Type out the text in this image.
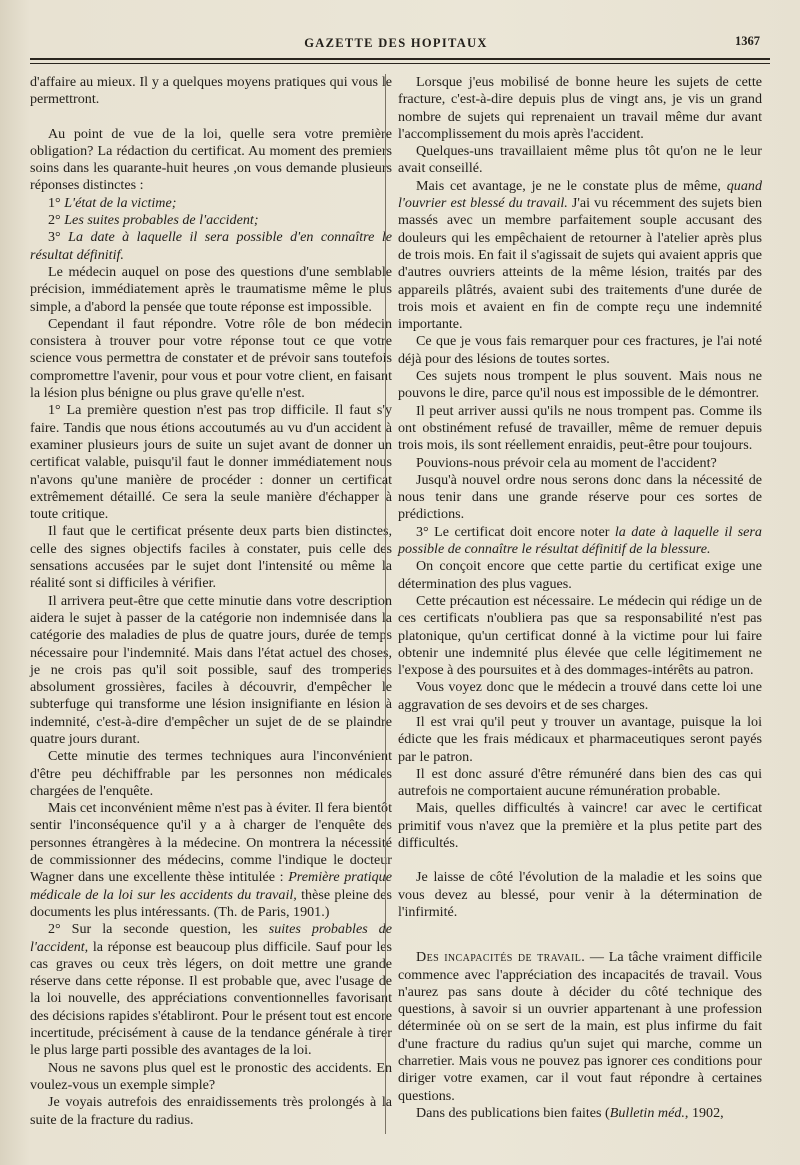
GAZETTE DES HOPITAUX	1367

d'affaire au mieux. Il y a quelques moyens pratiques qui vous le permettront.

Au point de vue de la loi, quelle sera votre première obligation? La rédaction du certificat. Au moment des premiers soins dans les quarante-huit heures ,on vous demande plusieurs réponses distinctes :

1° L'état de la victime;

2° Les suites probables de l'accident;

3° La date à laquelle il sera possible d'en connaître le résultat définitif.

Le médecin auquel on pose des questions d'une semblable précision, immédiatement après le traumatisme même le plus simple, a d'abord la pensée que toute réponse est impossible.

Cependant il faut répondre. Votre rôle de bon médecin consistera à trouver pour votre réponse tout ce que votre science vous permettra de constater et de prévoir sans toutefois compromettre l'avenir, pour vous et pour votre client, en faisant la lésion plus bénigne ou plus grave qu'elle n'est.

1° La première question n'est pas trop difficile. Il faut s'y faire. Tandis que nous étions accoutumés au vu d'un accident à examiner plusieurs jours de suite un sujet avant de donner un certificat valable, puisqu'il faut le donner immédiatement nous n'avons qu'une manière de procéder : donner un certificat extrêmement détaillé. Ce sera la seule manière d'échapper à toute critique.

Il faut que le certificat présente deux parts bien distinctes, celle des signes objectifs faciles à constater, puis celle des sensations accusées par le sujet dont l'intensité ou même la réalité sont si difficiles à vérifier.

Il arrivera peut-être que cette minutie dans votre description aidera le sujet à passer de la catégorie non indemnisée dans la catégorie des maladies de plus de quatre jours, durée de temps nécessaire pour l'indemnité. Mais dans l'état actuel des choses, je ne crois pas qu'il soit possible, sauf des tromperies absolument grossières, faciles à découvrir, d'empêcher le subterfuge qui transforme une lésion insignifiante en lésion à indemnité, c'est-à-dire d'empêcher un sujet de de se plaindre quatre jours durant.

Cette minutie des termes techniques aura l'inconvénient d'être peu déchiffrable par les personnes non médicales chargées de l'enquête.

Mais cet inconvénient même n'est pas à éviter. Il fera bientôt sentir l'inconséquence qu'il y a à charger de l'enquête des personnes étrangères à la médecine. On montrera la nécessité de commissionner des médecins, comme l'indique le docteur Wagner dans une excellente thèse intitulée : Première pratique médicale de la loi sur les accidents du travail, thèse pleine des documents les plus intéressants. (Th. de Paris, 1901.)

2° Sur la seconde question, les suites probables de l'accident, la réponse est beaucoup plus difficile. Sauf pour les cas graves ou ceux très légers, on doit mettre une grande réserve dans cette réponse. Il est probable que, avec l'usage de la loi nouvelle, des appréciations conventionnelles favorisant des décisions rapides s'établiront. Pour le présent tout est encore incertitude, précisément à cause de la tendance générale à tirer le plus large parti possible des avantages de la loi.

Nous ne savons plus quel est le pronostic des accidents. En voulez-vous un exemple simple?

Je voyais autrefois des enraidissements très prolongés à la suite de la fracture du radius.

Lorsque j'eus mobilisé de bonne heure les sujets de cette fracture, c'est-à-dire depuis plus de vingt ans, je vis un grand nombre de sujets qui reprenaient un travail même dur avant l'accomplissement du mois après l'accident.

Quelques-uns travaillaient même plus tôt qu'on ne le leur avait conseillé.

Mais cet avantage, je ne le constate plus de même, quand l'ouvrier est blessé du travail. J'ai vu récemment des sujets bien massés avec un membre parfaitement souple accusant des douleurs qui les empêchaient de retourner à l'atelier après plus de trois mois. En fait il s'agissait de sujets qui avaient appris que d'autres ouvriers atteints de la même lésion, traités par des appareils plâtrés, avaient subi des traitements d'une durée de trois mois et avaient en fin de compte reçu une indemnité importante.

Ce que je vous fais remarquer pour ces fractures, je l'ai noté déjà pour des lésions de toutes sortes.

Ces sujets nous trompent le plus souvent. Mais nous ne pouvons le dire, parce qu'il nous est impossible de le démontrer.

Il peut arriver aussi qu'ils ne nous trompent pas. Comme ils ont obstinément refusé de travailler, même de remuer depuis trois mois, ils sont réellement enraidis, peut-être pour toujours.

Pouvions-nous prévoir cela au moment de l'accident?

Jusqu'à nouvel ordre nous serons donc dans la nécessité de nous tenir dans une grande réserve pour ces sortes de prédictions.

3° Le certificat doit encore noter la date à laquelle il sera possible de connaître le résultat définitif de la blessure.

On conçoit encore que cette partie du certificat exige une détermination des plus vagues.

Cette précaution est nécessaire. Le médecin qui rédige un de ces certificats n'oubliera pas que sa responsabilité n'est pas platonique, qu'un certificat donné à la victime pour lui faire obtenir une indemnité plus élevée que celle légitimement ne l'expose à des poursuites et à des dommages-intérêts au patron.

Vous voyez donc que le médecin a trouvé dans cette loi une aggravation de ses devoirs et de ses charges.

Il est vrai qu'il peut y trouver un avantage, puisque la loi édicte que les frais médicaux et pharmaceutiques seront payés par le patron.

Il est donc assuré d'être rémunéré dans bien des cas qui autrefois ne comportaient aucune rémunération probable.

Mais, quelles difficultés à vaincre! car avec le certificat primitif vous n'avez que la première et la plus petite part des difficultés.

Je laisse de côté l'évolution de la maladie et les soins que vous devez au blessé, pour venir à la détermination de l'infirmité.

Des incapacités de travail. — La tâche vraiment difficile commence avec l'appréciation des incapacités de travail. Vous n'aurez pas sans doute à décider du côté technique des questions, à savoir si un ouvrier appartenant à une profession déterminée où on se sert de la main, est plus infirme du fait d'une fracture du radius qu'un sujet qui marche, comme un charretier. Mais vous ne pouvez pas ignorer ces conditions pour diriger votre examen, car il vout faut répondre à certaines questions.

Dans des publications bien faites (Bulletin méd., 1902,
